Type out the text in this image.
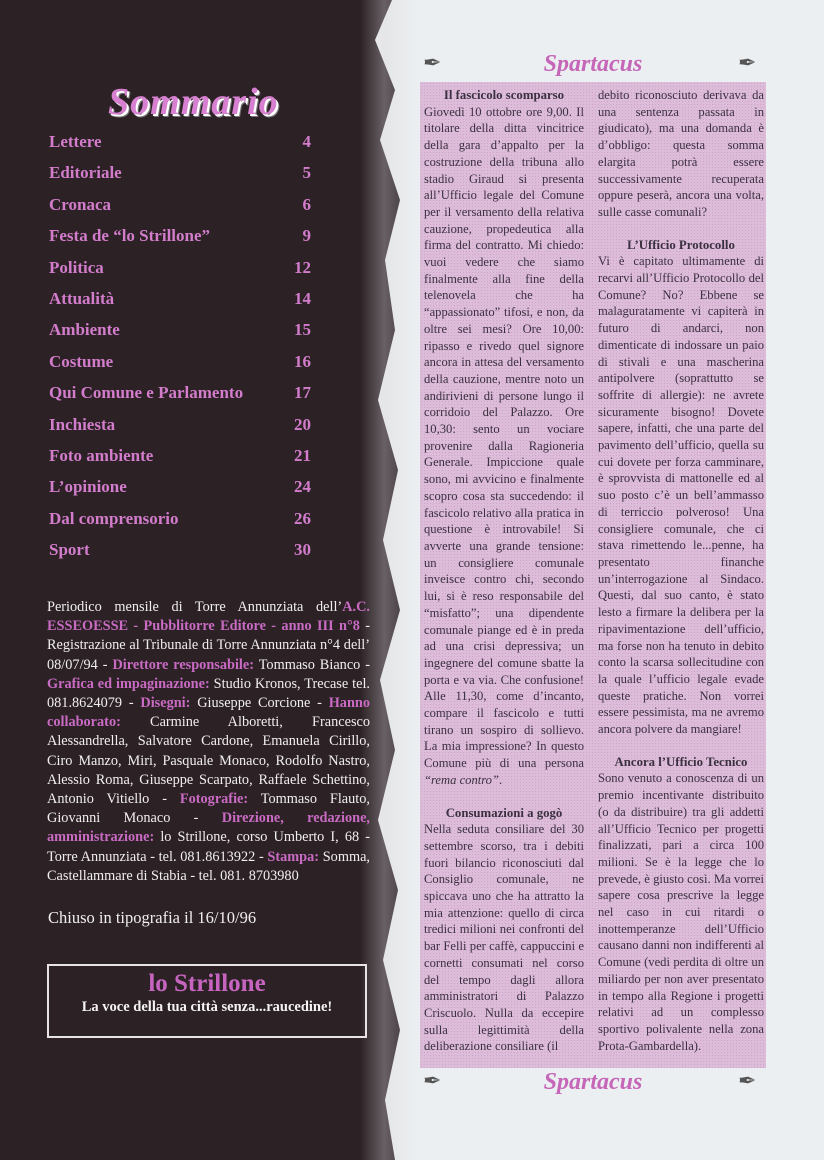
Sommario
Lettere	4
Editoriale	5
Cronaca	6
Festa de “lo Strillone”	9
Politica	12
Attualità	14
Ambiente	15
Costume	16
Qui Comune e Parlamento	17
Inchiesta	20
Foto ambiente	21
L’opinione	24
Dal comprensorio	26
Sport	30
Periodico mensile di Torre Annunziata dell’A.C. ESSEOESSE - Pubblitorre Editore - anno III n°8 - Registrazione al Tribunale di Torre Annunziata n°4 dell’ 08/07/94 - Direttore responsabile: Tommaso Bianco - Grafica ed impaginazione: Studio Kronos, Trecase tel. 081.8624079 - Disegni: Giuseppe Corcione - Hanno collaborato: Carmine Alboretti, Francesco Alessandrella, Salvatore Cardone, Emanuela Cirillo, Ciro Manzo, Miri, Pasquale Monaco, Rodolfo Nastro, Alessio Roma, Giuseppe Scarpato, Raffaele Schettino, Antonio Vitiello - Fotografie: Tommaso Flauto, Giovanni Monaco - Direzione, redazione, amministrazione: lo Strillone, corso Umberto I, 68 - Torre Annunziata - tel. 081.8613922 - Stampa: Somma, Castellammare di Stabia - tel. 081. 8703980
Chiuso in tipografia il 16/10/96
lo Strillone
La voce della tua città senza...raucedine!
Spartacus
Spartacus
✒	✒
✒	✒
Il fascicolo scomparso

Giovedì 10 ottobre ore 9,00. Il titolare della ditta vincitrice della gara d’appalto per la costruzione della tribuna allo stadio Giraud si presenta all’Ufficio legale del Comune per il versamento della relativa cauzione, propedeutica alla firma del contratto. Mi chiedo: vuoi vedere che siamo finalmente alla fine della telenovela che ha “appassionato” tifosi, e non, da oltre sei mesi? Ore 10,00: ripasso e rivedo quel signore ancora in attesa del versamento della cauzione, mentre noto un andirivieni di persone lungo il corridoio del Palazzo. Ore 10,30: sento un vociare provenire dalla Ragioneria Generale. Impiccione quale sono, mi avvicino e finalmente scopro cosa sta succedendo: il fascicolo relativo alla pratica in questione è introvabile! Si avverte una grande tensione: un consigliere comunale inveisce contro chi, secondo lui, si è reso responsabile del “misfatto”; una dipendente comunale piange ed è in preda ad una crisi depressiva; un ingegnere del comune sbatte la porta e va via. Che confusione! Alle 11,30, come d’incanto, compare il fascicolo e tutti tirano un sospiro di sollievo. La mia impressione? In questo Comune più di una persona “rema contro”.

Consumazioni a gogò

Nella seduta consiliare del 30 settembre scorso, tra i debiti fuori bilancio riconosciuti dal Consiglio comunale, ne spiccava uno che ha attratto la mia attenzione: quello di circa tredici milioni nei confronti del bar Felli per caffè, cappuccini e cornetti consumati nel corso del tempo dagli allora amministratori di Palazzo Criscuolo. Nulla da eccepire sulla legittimità della deliberazione consiliare (il

debito riconosciuto derivava da una sentenza passata in giudicato), ma una domanda è d’obbligo: questa somma elargita potrà essere successivamente recuperata oppure peserà, ancora una volta, sulle casse comunali?

L’Ufficio Protocollo

Vi è capitato ultimamente di recarvi all’Ufficio Protocollo del Comune? No? Ebbene se malaguratamente vi capiterà in futuro di andarci, non dimenticate di indossare un paio di stivali e una mascherina antipolvere (soprattutto se soffrite di allergie): ne avrete sicuramente bisogno! Dovete sapere, infatti, che una parte del pavimento dell’ufficio, quella su cui dovete per forza camminare, è sprovvista di mattonelle ed al suo posto c’è un bell’ammasso di terriccio polveroso! Una consigliere comunale, che ci stava rimettendo le...penne, ha presentato finanche un’interrogazione al Sindaco. Questi, dal suo canto, è stato lesto a firmare la delibera per la ripavimentazione dell’ufficio, ma forse non ha tenuto in debito conto la scarsa sollecitudine con la quale l’ufficio legale evade queste pratiche. Non vorrei essere pessimista, ma ne avremo ancora polvere da mangiare!

Ancora l’Ufficio Tecnico

Sono venuto a conoscenza di un premio incentivante distribuito (o da distribuire) tra gli addetti all’Ufficio Tecnico per progetti finalizzati, pari a circa 100 milioni. Se è la legge che lo prevede, è giusto così. Ma vorrei sapere cosa prescrive la legge nel caso in cui ritardi o inottemperanze dell’Ufficio causano danni non indifferenti al Comune (vedi perdita di oltre un miliardo per non aver presentato in tempo alla Regione i progetti relativi ad un complesso sportivo polivalente nella zona Prota-Gambardella).
